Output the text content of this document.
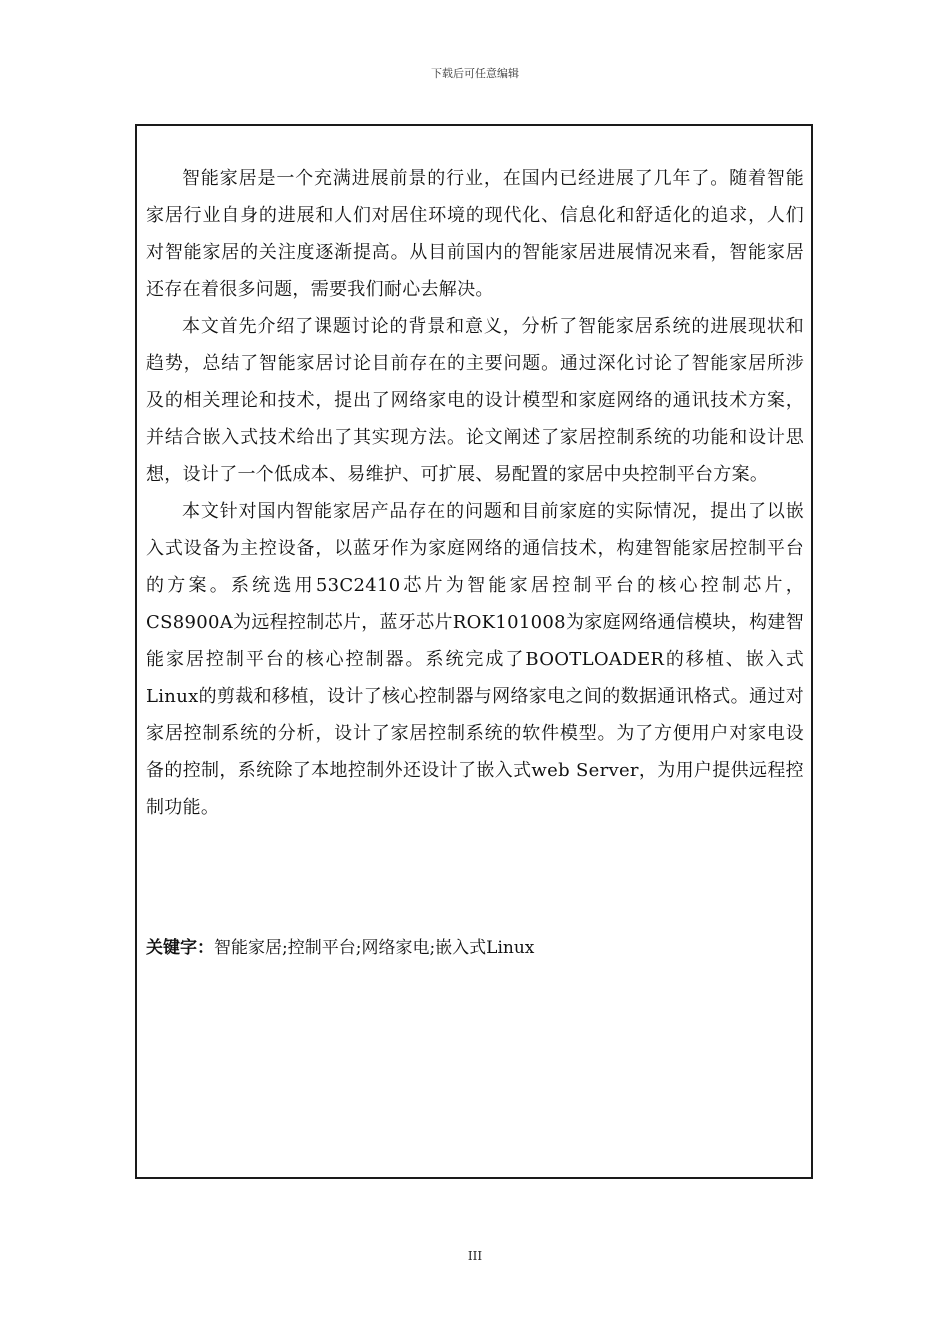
下载后可任意编辑

智能家居是一个充满进展前景的行业，在国内已经进展了几年了。随着智能家居行业自身的进展和人们对居住环境的现代化、信息化和舒适化的追求，人们对智能家居的关注度逐渐提高。从目前国内的智能家居进展情况来看，智能家居还存在着很多问题，需要我们耐心去解决。

本文首先介绍了课题讨论的背景和意义，分析了智能家居系统的进展现状和趋势，总结了智能家居讨论目前存在的主要问题。通过深化讨论了智能家居所涉及的相关理论和技术，提出了网络家电的设计模型和家庭网络的通讯技术方案，并结合嵌入式技术给出了其实现方法。论文阐述了家居控制系统的功能和设计思想，设计了一个低成本、易维护、可扩展、易配置的家居中央控制平台方案。

本文针对国内智能家居产品存在的问题和目前家庭的实际情况，提出了以嵌入式设备为主控设备，以蓝牙作为家庭网络的通信技术，构建智能家居控制平台的方案。系统选用53C2410芯片为智能家居控制平台的核心控制芯片，CS8900A为远程控制芯片，蓝牙芯片ROK101008为家庭网络通信模块，构建智能家居控制平台的核心控制器。系统完成了BOOTLOADER的移植、嵌入式Linux的剪裁和移植，设计了核心控制器与网络家电之间的数据通讯格式。通过对家居控制系统的分析，设计了家居控制系统的软件模型。为了方便用户对家电设备的控制，系统除了本地控制外还设计了嵌入式web Server，为用户提供远程控制功能。

关键字：智能家居;控制平台;网络家电;嵌入式Linux
III
